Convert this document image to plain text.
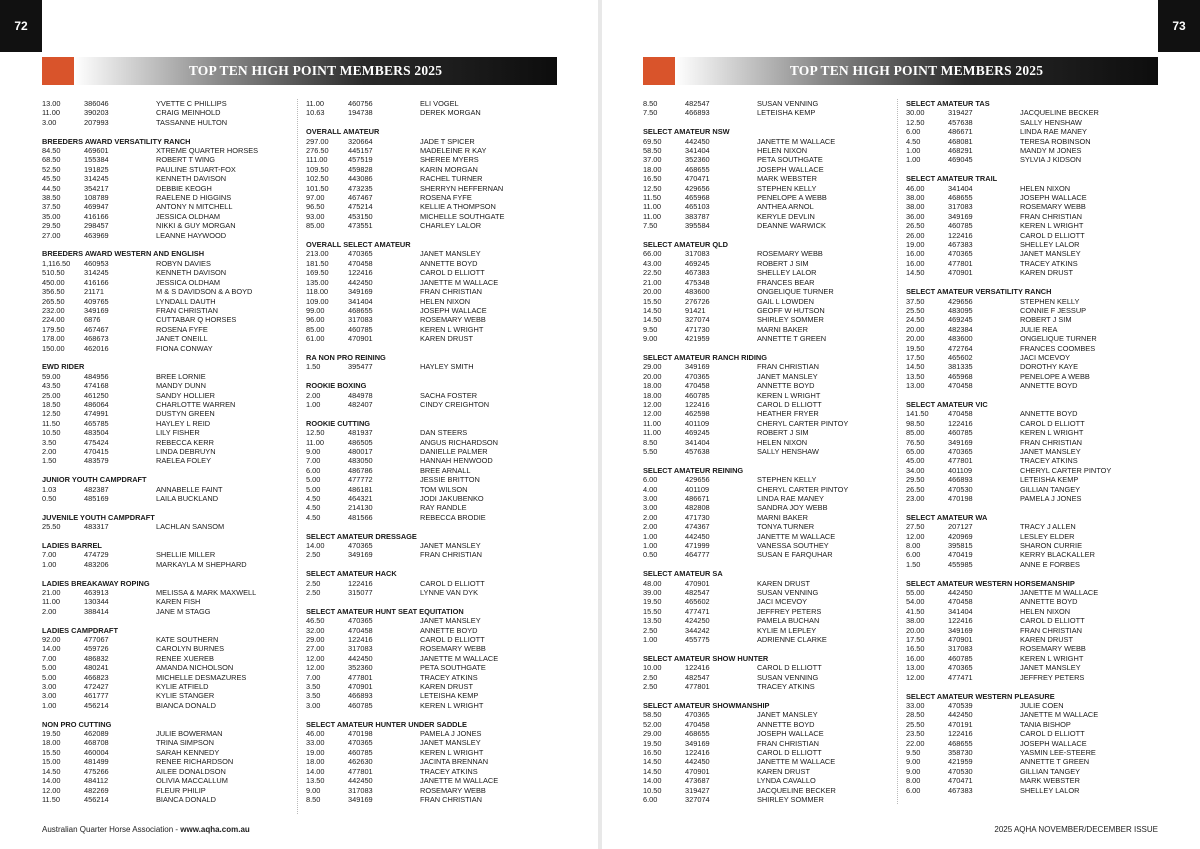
72	73
TOP TEN HIGH POINT MEMBERS 2025	TOP TEN HIGH POINT MEMBERS 2025
13.00	386046	YVETTE C PHILLIPS
11.00	390203	CRAIG MEINHOLD
3.00	207993	TASSANNE HULTON
BREEDERS AWARD VERSATILITY RANCH
84.50	469601	XTREME QUARTER HORSES
68.50	155384	ROBERT T WING
52.50	191825	PAULINE STUART-FOX
45.50	314245	KENNETH DAVISON
44.50	354217	DEBBIE KEOGH
38.50	108789	RAELENE D HIGGINS
37.50	469947	ANTONY N MITCHELL
35.00	416166	JESSICA OLDHAM
29.50	298457	NIKKI & GUY MORGAN
27.00	463969	LEANNE HAYWOOD
BREEDERS AWARD WESTERN AND ENGLISH
1,116.50	460953	ROBYN DAVIES
510.50	314245	KENNETH DAVISON
450.00	416166	JESSICA OLDHAM
356.50	21171	M & S DAVIDSON & A BOYD
265.50	409765	LYNDALL DAUTH
232.00	349169	FRAN CHRISTIAN
224.00	6876	CUTTABAR Q HORSES
179.50	467467	ROSENA FYFE
178.00	468673	JANET ONEILL
150.00	462016	FIONA CONWAY
EWD RIDER
59.00	484956	BREE LORNIE
43.50	474168	MANDY DUNN
25.00	461250	SANDY HOLLIER
18.50	486064	CHARLOTTE WARREN
12.50	474991	DUSTYN GREEN
11.50	465785	HAYLEY L REID
10.50	483504	LILY FISHER
3.50	475424	REBECCA KERR
2.00	470415	LINDA DEBRUYN
1.50	483579	RAELEA FOLEY
JUNIOR YOUTH CAMPDRAFT
1.03	482387	ANNABELLE FAINT
0.50	485169	LAILA BUCKLAND
JUVENILE YOUTH CAMPDRAFT
25.50	483317	LACHLAN SANSOM
LADIES BARREL
7.00	474729	SHELLIE MILLER
1.00	483206	MARKAYLA M SHEPHARD
LADIES BREAKAWAY ROPING
21.00	463913	MELISSA & MARK MAXWELL
11.00	130344	KAREN FISH
2.00	388414	JANE M STAGG
LADIES CAMPDRAFT
92.00	477067	KATE SOUTHERN
14.00	459726	CAROLYN BURNES
7.00	486832	RENEE XUEREB
5.00	480241	AMANDA NICHOLSON
5.00	466823	MICHELLE DESMAZURES
3.00	472427	KYLIE ATFIELD
3.00	461777	KYLIE STANGER
1.00	456214	BIANCA DONALD
NON PRO CUTTING
19.50	462089	JULIE BOWERMAN
18.00	468708	TRINA SIMPSON
15.50	460004	SARAH KENNEDY
15.00	481499	RENEE RICHARDSON
14.50	475266	AILEE DONALDSON
14.00	484112	OLIVIA MACCALLUM
12.00	482269	FLEUR PHILIP
11.50	456214	BIANCA DONALD
11.00	460756	ELI VOGEL
10.63	194738	DEREK MORGAN
OVERALL AMATEUR
297.00	320664	JADE T SPICER
276.50	445157	MADELEINE R KAY
111.00	457519	SHEREE MYERS
109.50	459828	KARIN MORGAN
102.50	443086	RACHEL TURNER
101.50	473235	SHERRYN HEFFERNAN
97.00	467467	ROSENA FYFE
96.50	475214	KELLIE A THOMPSON
93.00	453150	MICHELLE SOUTHGATE
85.00	473551	CHARLEY LALOR
OVERALL SELECT AMATEUR
213.00	470365	JANET MANSLEY
181.50	470458	ANNETTE BOYD
169.50	122416	CAROL D ELLIOTT
135.00	442450	JANETTE M WALLACE
118.00	349169	FRAN CHRISTIAN
109.00	341404	HELEN NIXON
99.00	468655	JOSEPH WALLACE
96.00	317083	ROSEMARY WEBB
85.00	460785	KEREN L WRIGHT
61.00	470901	KAREN DRUST
RA NON PRO REINING
1.50	395477	HAYLEY SMITH
ROOKIE BOXING
2.00	484978	SACHA FOSTER
1.00	482407	CINDY CREIGHTON
ROOKIE CUTTING
12.50	481937	DAN STEERS
11.00	486505	ANGUS RICHARDSON
9.00	480017	DANIELLE PALMER
7.00	483050	HANNAH HENWOOD
6.00	486786	BREE ARNALL
5.00	477772	JESSIE BRITTON
5.00	486181	TOM WILSON
4.50	464321	JODI JAKUBENKO
4.50	214130	RAY RANDLE
4.50	481566	REBECCA BRODIE
SELECT AMATEUR DRESSAGE
14.00	470365	JANET MANSLEY
2.50	349169	FRAN CHRISTIAN
SELECT AMATEUR HACK
2.50	122416	CAROL D ELLIOTT
2.50	315077	LYNNE VAN DYK
SELECT AMATEUR HUNT SEAT EQUITATION
46.50	470365	JANET MANSLEY
32.00	470458	ANNETTE BOYD
29.00	122416	CAROL D ELLIOTT
27.00	317083	ROSEMARY WEBB
12.00	442450	JANETTE M WALLACE
12.00	352360	PETA SOUTHGATE
7.00	477801	TRACEY ATKINS
3.50	470901	KAREN DRUST
3.50	466893	LETEISHA KEMP
3.00	460785	KEREN L WRIGHT
SELECT AMATEUR HUNTER UNDER SADDLE
46.00	470198	PAMELA J JONES
33.00	470365	JANET MANSLEY
19.00	460785	KEREN L WRIGHT
18.00	462630	JACINTA BRENNAN
14.00	477801	TRACEY ATKINS
13.50	442450	JANETTE M WALLACE
9.00	317083	ROSEMARY WEBB
8.50	349169	FRAN CHRISTIAN
8.50	482547	SUSAN VENNING
7.50	466893	LETEISHA KEMP
SELECT AMATEUR NSW
69.50	442450	JANETTE M WALLACE
58.50	341404	HELEN NIXON
37.00	352360	PETA SOUTHGATE
18.00	468655	JOSEPH WALLACE
16.50	470471	MARK WEBSTER
12.50	429656	STEPHEN KELLY
11.50	465968	PENELOPE A WEBB
11.00	465103	ANTHEA ARNOL
11.00	383787	KERYLE DEVLIN
7.50	395584	DEANNE WARWICK
SELECT AMATEUR QLD
66.00	317083	ROSEMARY WEBB
43.00	469245	ROBERT J SIM
22.50	467383	SHELLEY LALOR
21.00	475348	FRANCES BEAR
20.00	483600	ONGELIQUE TURNER
15.50	276726	GAIL L LOWDEN
14.50	91421	GEOFF W HUTSON
14.50	327074	SHIRLEY SOMMER
9.50	471730	MARNI BAKER
9.00	421959	ANNETTE T GREEN
SELECT AMATEUR RANCH RIDING
29.00	349169	FRAN CHRISTIAN
20.00	470365	JANET MANSLEY
18.00	470458	ANNETTE BOYD
18.00	460785	KEREN L WRIGHT
12.00	122416	CAROL D ELLIOTT
12.00	462598	HEATHER FRYER
11.00	401109	CHERYL CARTER PINTOY
11.00	469245	ROBERT J SIM
8.50	341404	HELEN NIXON
5.50	457638	SALLY HENSHAW
SELECT AMATEUR REINING
6.00	429656	STEPHEN KELLY
4.00	401109	CHERYL CARTER PINTOY
3.00	486671	LINDA RAE MANEY
3.00	482808	SANDRA JOY WEBB
2.00	471730	MARNI BAKER
2.00	474367	TONYA TURNER
1.00	442450	JANETTE M WALLACE
1.00	471999	VANESSA SOUTHEY
0.50	464777	SUSAN E FARQUHAR
SELECT AMATEUR SA
48.00	470901	KAREN DRUST
39.00	482547	SUSAN VENNING
19.50	465602	JACI MCEVOY
15.50	477471	JEFFREY PETERS
13.50	424250	PAMELA BUCHAN
2.50	344242	KYLIE M LEPLEY
1.00	455775	ADRIENNE CLARKE
SELECT AMATEUR SHOW HUNTER
10.00	122416	CAROL D ELLIOTT
2.50	482547	SUSAN VENNING
2.50	477801	TRACEY ATKINS
SELECT AMATEUR SHOWMANSHIP
58.50	470365	JANET MANSLEY
52.00	470458	ANNETTE BOYD
29.00	468655	JOSEPH WALLACE
19.50	349169	FRAN CHRISTIAN
16.50	122416	CAROL D ELLIOTT
14.50	442450	JANETTE M WALLACE
14.50	470901	KAREN DRUST
14.00	473687	LYNDA CAVALLO
10.50	319427	JACQUELINE BECKER
6.00	327074	SHIRLEY SOMMER
SELECT AMATEUR TAS
30.00	319427	JACQUELINE BECKER
12.50	457638	SALLY HENSHAW
6.00	486671	LINDA RAE MANEY
4.50	468081	TERESA ROBINSON
1.00	468291	MANDY M JONES
1.00	469045	SYLVIA J KIDSON
SELECT AMATEUR TRAIL
46.00	341404	HELEN NIXON
38.00	468655	JOSEPH WALLACE
38.00	317083	ROSEMARY WEBB
36.00	349169	FRAN CHRISTIAN
26.50	460785	KEREN L WRIGHT
26.00	122416	CAROL D ELLIOTT
19.00	467383	SHELLEY LALOR
16.00	470365	JANET MANSLEY
16.00	477801	TRACEY ATKINS
14.50	470901	KAREN DRUST
SELECT AMATEUR VERSATILITY RANCH
37.50	429656	STEPHEN KELLY
25.50	483095	CONNIE F JESSUP
24.50	469245	ROBERT J SIM
20.00	482384	JULIE REA
20.00	483600	ONGELIQUE TURNER
19.50	472764	FRANCES COOMBES
17.50	465602	JACI MCEVOY
14.50	381335	DOROTHY KAYE
13.50	465968	PENELOPE A WEBB
13.00	470458	ANNETTE BOYD
SELECT AMATEUR VIC
141.50	470458	ANNETTE BOYD
98.50	122416	CAROL D ELLIOTT
85.00	460785	KEREN L WRIGHT
76.50	349169	FRAN CHRISTIAN
65.00	470365	JANET MANSLEY
45.00	477801	TRACEY ATKINS
34.00	401109	CHERYL CARTER PINTOY
29.50	466893	LETEISHA KEMP
26.50	470530	GILLIAN TANGEY
23.00	470198	PAMELA J JONES
SELECT AMATEUR WA
27.50	207127	TRACY J ALLEN
12.00	420969	LESLEY ELDER
8.00	395815	SHARON CURRIE
6.00	470419	KERRY BLACKALLER
1.50	455985	ANNE E FORBES
SELECT AMATEUR WESTERN HORSEMANSHIP
55.00	442450	JANETTE M WALLACE
54.00	470458	ANNETTE BOYD
41.50	341404	HELEN NIXON
38.00	122416	CAROL D ELLIOTT
20.00	349169	FRAN CHRISTIAN
17.50	470901	KAREN DRUST
16.50	317083	ROSEMARY WEBB
16.00	460785	KEREN L WRIGHT
13.00	470365	JANET MANSLEY
12.00	477471	JEFFREY PETERS
SELECT AMATEUR WESTERN PLEASURE
33.00	470539	JULIE COEN
28.50	442450	JANETTE M WALLACE
25.50	470191	TANIA BISHOP
23.50	122416	CAROL D ELLIOTT
22.00	468655	JOSEPH WALLACE
9.50	358730	YASMIN LEE-STEERE
9.00	421959	ANNETTE T GREEN
9.00	470530	GILLIAN TANGEY
8.00	470471	MARK WEBSTER
6.00	467383	SHELLEY LALOR
Australian Quarter Horse Association - www.aqha.com.au	2025 AQHA NOVEMBER/DECEMBER ISSUE
